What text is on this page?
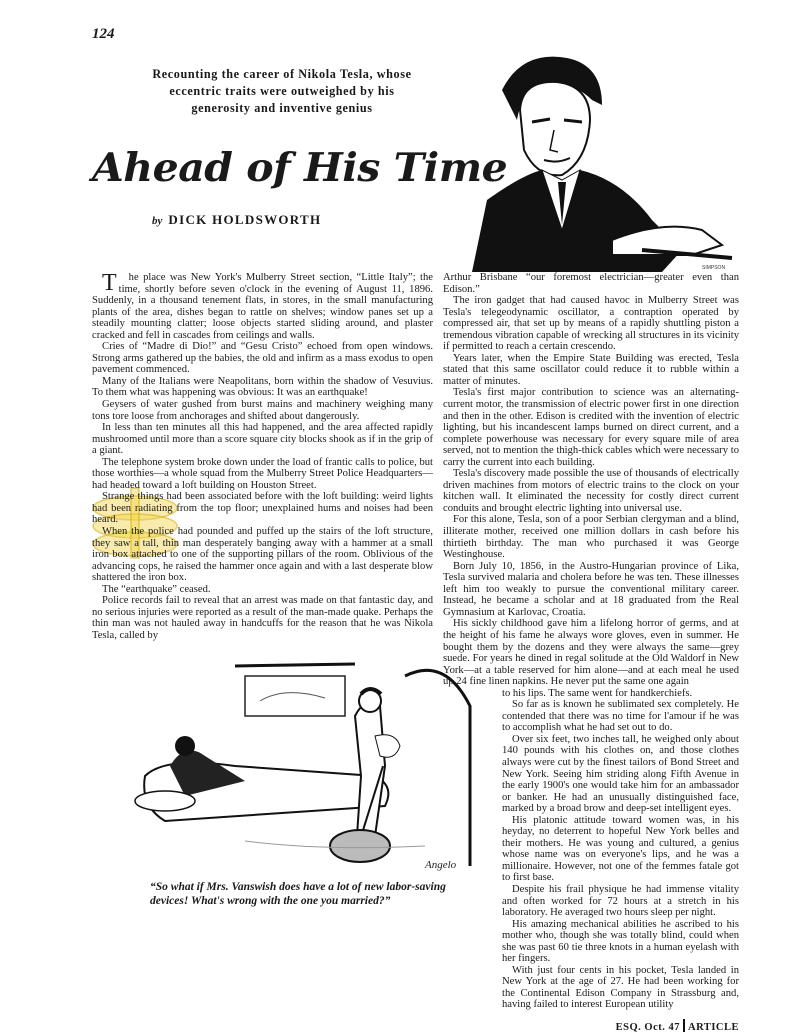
124
Recounting the career of Nikola Tesla, whose eccentric traits were outweighed by his generosity and inventive genius
Ahead of His Time
by DICK HOLDSWORTH
SIMPSON

The place was New York's Mulberry Street section, “Little Italy”; the time, shortly before seven o'clock in the evening of August 11, 1896. Suddenly, in a thousand tenement flats, in stores, in the small manufacturing plants of the area, dishes began to rattle on shelves; window panes set up a steadily mounting clatter; loose objects started sliding around, and plaster cracked and fell in cascades from ceilings and walls.

Cries of “Madre di Dio!” and “Gesu Cristo” echoed from open windows. Strong arms gathered up the babies, the old and infirm as a mass exodus to open pavement commenced.

Many of the Italians were Neapolitans, born within the shadow of Vesuvius. To them what was happening was obvious: It was an earthquake!

Geysers of water gushed from burst mains and machinery weighing many tons tore loose from anchorages and shifted about dangerously.

In less than ten minutes all this had happened, and the area affected rapidly mushroomed until more than a score square city blocks shook as if in the grip of a giant.

The telephone system broke down under the load of frantic calls to police, but those worthies—a whole squad from the Mulberry Street Police Headquarters—had headed toward a loft building on Houston Street.

Strange things had been associated before with the loft building: weird lights had been radiating from the top floor; unexplained hums and noises had been heard.

When the police had pounded and puffed up the stairs of the loft structure, they saw a tall, thin man desperately banging away with a hammer at a small iron box attached to one of the supporting pillars of the room. Oblivious of the advancing cops, he raised the hammer once again and with a last desperate blow shattered the iron box.

The “earthquake” ceased.

Police records fail to reveal that an arrest was made on that fantastic day, and no serious injuries were reported as a result of the man-made quake. Perhaps the thin man was not hauled away in handcuffs for the reason that he was Nikola Tesla, called by

Angelo
“So what if Mrs. Vanswish does have a lot of new labor-saving devices! What's wrong with the one you married?”

Arthur Brisbane “our foremost electrician—greater even than Edison.”

The iron gadget that had caused havoc in Mulberry Street was Tesla's telegeodynamic oscillator, a contraption operated by compressed air, that set up by means of a rapidly shuttling piston a tremendous vibration capable of wrecking all structures in its vicinity if permitted to reach a certain crescendo.

Years later, when the Empire State Building was erected, Tesla stated that this same oscillator could reduce it to rubble within a matter of minutes.

Tesla's first major contribution to science was an alternating-current motor, the transmission of electric power first in one direction and then in the other. Edison is credited with the invention of electric lighting, but his incandescent lamps burned on direct current, and a complete powerhouse was necessary for every square mile of area served, not to mention the thigh-thick cables which were necessary to carry the current into each building.

Tesla's discovery made possible the use of thousands of electrically driven machines from motors of electric trains to the clock on your kitchen wall. It eliminated the necessity for costly direct current conduits and brought electric lighting into universal use.

For this alone, Tesla, son of a poor Serbian clergyman and a blind, illiterate mother, received one million dollars in cash before his thirtieth birthday. The man who purchased it was George Westinghouse.

Born July 10, 1856, in the Austro-Hungarian province of Lika, Tesla survived malaria and cholera before he was ten. These illnesses left him too weakly to pursue the conventional military career. Instead, he became a scholar and at 18 graduated from the Real Gymnasium at Karlovac, Croatia.

His sickly childhood gave him a lifelong horror of germs, and at the height of his fame he always wore gloves, even in summer. He bought them by the dozens and they were always the same—grey suede. For years he dined in regal solitude at the Old Waldorf in New York—at a table reserved for him alone—and at each meal he used up 24 fine linen napkins. He never put the same one again

to his lips. The same went for handkerchiefs.

So far as is known he sublimated sex completely. He contended that there was no time for l'amour if he was to accomplish what he had set out to do.

Over six feet, two inches tall, he weighed only about 140 pounds with his clothes on, and those clothes always were cut by the finest tailors of Bond Street and New York. Seeing him striding along Fifth Avenue in the early 1900's one would take him for an ambassador or banker. He had an unusually distinguished face, marked by a broad brow and deep-set intelligent eyes.

His platonic attitude toward women was, in his heyday, no deterrent to hopeful New York belles and their mothers. He was young and cultured, a genius whose name was on everyone's lips, and he was a millionaire. However, not one of the femmes fatale got to first base.

Despite his frail physique he had immense vitality and often worked for 72 hours at a stretch in his laboratory. He averaged two hours sleep per night.

His amazing mechanical abilities he ascribed to his mother who, though she was totally blind, could when she was past 60 tie three knots in a human eyelash with her fingers.

With just four cents in his pocket, Tesla landed in New York at the age of 27. He had been working for the Continental Edison Company in Strassburg and, having failed to interest European utility

ESQ. Oct. 47 ARTICLE
